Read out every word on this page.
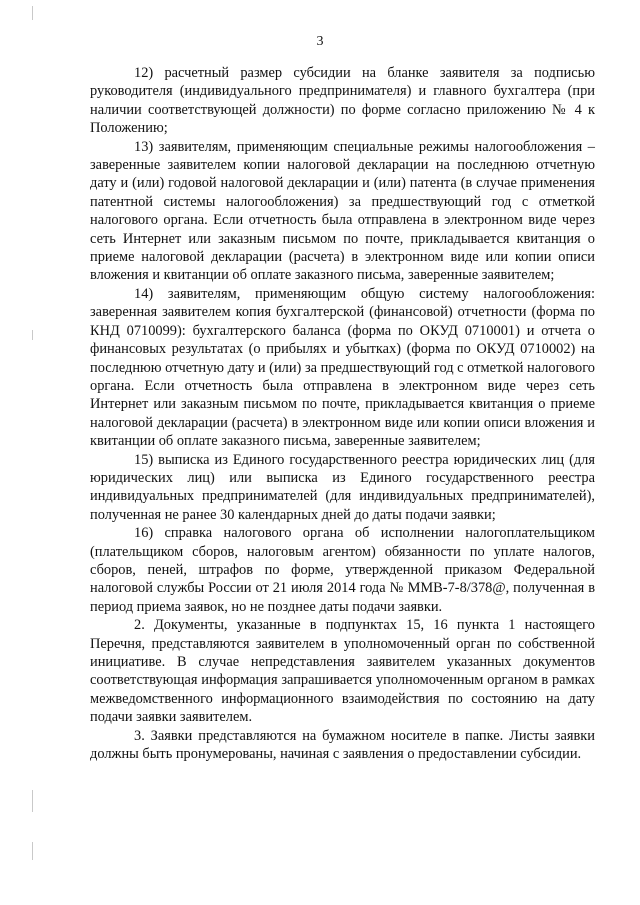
3

12) расчетный размер субсидии на бланке заявителя за подписью руководителя (индивидуального предпринимателя) и главного бухгалтера (при наличии соответствующей должности) по форме согласно приложению № 4 к Положению;

13) заявителям, применяющим специальные режимы налогообложения – заверенные заявителем копии налоговой декларации на последнюю отчетную дату и (или) годовой налоговой декларации и (или) патента (в случае применения патентной системы налогообложения) за предшествующий год с отметкой налогового органа. Если отчетность была отправлена в электронном виде через сеть Интернет или заказным письмом по почте, прикладывается квитанция о приеме налоговой декларации (расчета) в электронном виде или копии описи вложения и квитанции об оплате заказного письма, заверенные заявителем;

14) заявителям, применяющим общую систему налогообложения: заверенная заявителем копия бухгалтерской (финансовой) отчетности (форма по КНД 0710099): бухгалтерского баланса (форма по ОКУД 0710001) и отчета о финансовых результатах (о прибылях и убытках) (форма по ОКУД 0710002) на последнюю отчетную дату и (или) за предшествующий год с отметкой налогового органа. Если отчетность была отправлена в электронном виде через сеть Интернет или заказным письмом по почте, прикладывается квитанция о приеме налоговой декларации (расчета) в электронном виде или копии описи вложения и квитанции об оплате заказного письма, заверенные заявителем;

15) выписка из Единого государственного реестра юридических лиц (для юридических лиц) или выписка из Единого государственного реестра индивидуальных предпринимателей (для индивидуальных предпринимателей), полученная не ранее 30 календарных дней до даты подачи заявки;

16) справка налогового органа об исполнении налогоплательщиком (плательщиком сборов, налоговым агентом) обязанности по уплате налогов, сборов, пеней, штрафов по форме, утвержденной приказом Федеральной налоговой службы России от 21 июля 2014 года № ММВ-7-8/378@, полученная в период приема заявок, но не позднее даты подачи заявки.

2. Документы, указанные в подпунктах 15, 16 пункта 1 настоящего Перечня, представляются заявителем в уполномоченный орган по собственной инициативе. В случае непредставления заявителем указанных документов соответствующая информация запрашивается уполномоченным органом в рамках межведомственного информационного взаимодействия по состоянию на дату подачи заявки заявителем.

3. Заявки представляются на бумажном носителе в папке. Листы заявки должны быть пронумерованы, начиная с заявления о предоставлении субсидии.
